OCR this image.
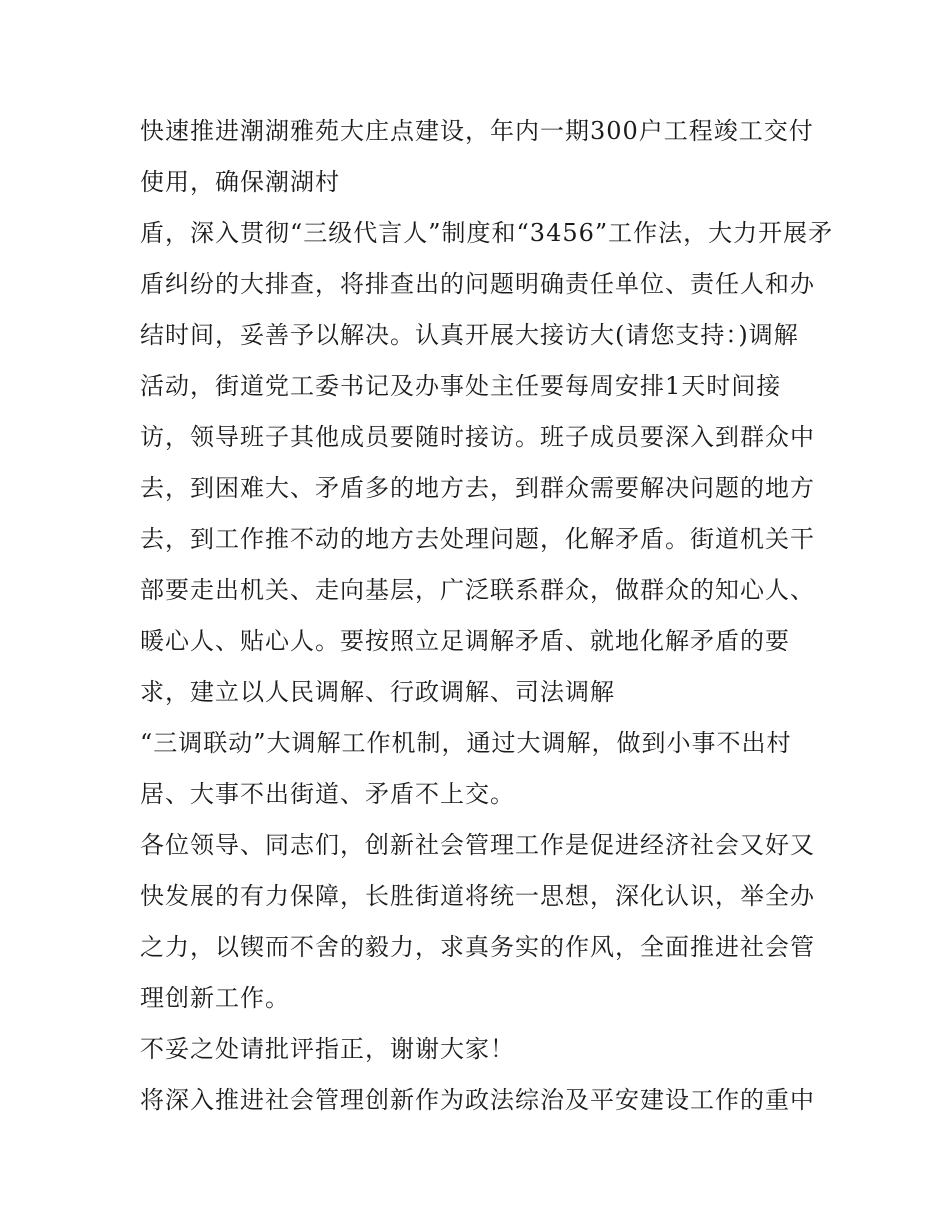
快速推进潮湖雅苑大庄点建设，年内一期300户工程竣工交付
使用，确保潮湖村
盾，深入贯彻“三级代言人”制度和“3456”工作法，大力开展矛
盾纠纷的大排查，将排查出的问题明确责任单位、责任人和办
结时间，妥善予以解决。认真开展大接访大(请您支持：)调解
活动，街道党工委书记及办事处主任要每周安排1天时间接
访，领导班子其他成员要随时接访。班子成员要深入到群众中
去，到困难大、矛盾多的地方去，到群众需要解决问题的地方
去，到工作推不动的地方去处理问题，化解矛盾。街道机关干
部要走出机关、走向基层，广泛联系群众，做群众的知心人、
暖心人、贴心人。要按照立足调解矛盾、就地化解矛盾的要
求，建立以人民调解、行政调解、司法调解
“三调联动”大调解工作机制，通过大调解，做到小事不出村
居、大事不出街道、矛盾不上交。
各位领导、同志们，创新社会管理工作是促进经济社会又好又
快发展的有力保障，长胜街道将统一思想，深化认识，举全办
之力，以锲而不舍的毅力，求真务实的作风，全面推进社会管
理创新工作。
不妥之处请批评指正，谢谢大家！
将深入推进社会管理创新作为政法综治及平安建设工作的重中
